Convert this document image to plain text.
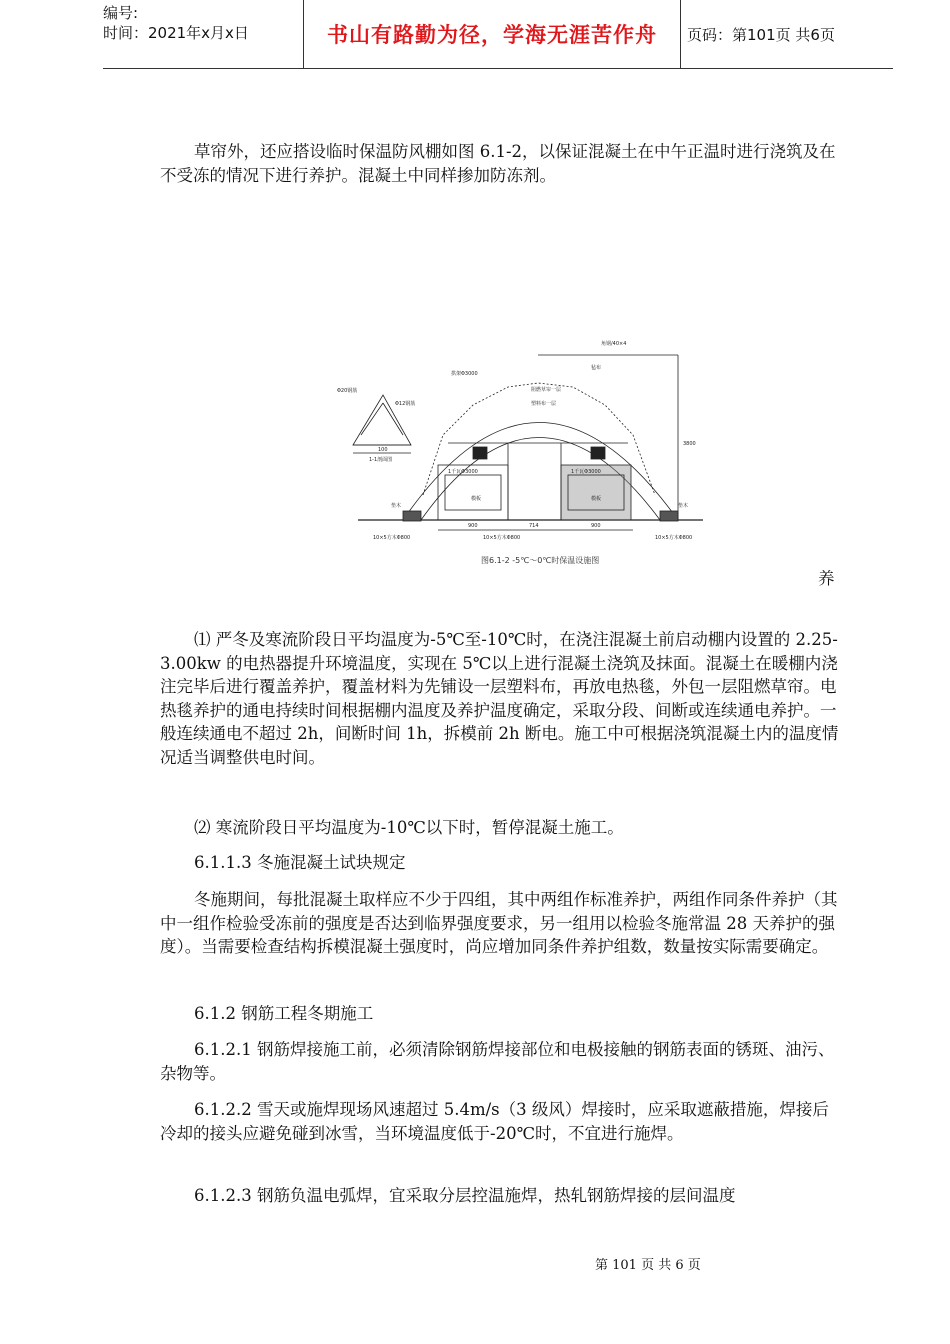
编号:
时间：2021年x月x日	书山有路勤为径，学海无涯苦作舟	页码：第101页 共6页

草帘外，还应搭设临时保温防风棚如图 6.1-2，以保证混凝土在中午正温时进行浇筑及在不受冻的情况下进行养护。混凝土中同样掺加防冻剂。

Φ20钢筋
Φ12钢筋
100
1-1剖面图
拱架Φ3000
角钢/40×4
阻燃草帘一层
塑料布一层
毡布
3800
垫木
10×5方木Φ800	10×5方木Φ800	10×5方木Φ800
1千瓦Φ3000	1千瓦Φ3000
模板	模板
900	714	900
垫木
图6.1-2 -5℃～0℃时保温设施图
养

⑴ 严冬及寒流阶段日平均温度为-5℃至-10℃时，在浇注混凝土前启动棚内设置的 2.25-3.00kw 的电热器提升环境温度，实现在 5℃以上进行混凝土浇筑及抹面。混凝土在暖棚内浇注完毕后进行覆盖养护，覆盖材料为先铺设一层塑料布，再放电热毯，外包一层阻燃草帘。电热毯养护的通电持续时间根据棚内温度及养护温度确定，采取分段、间断或连续通电养护。一般连续通电不超过 2h，间断时间 1h，拆模前 2h 断电。施工中可根据浇筑混凝土内的温度情况适当调整供电时间。

⑵ 寒流阶段日平均温度为-10℃以下时，暂停混凝土施工。

6.1.1.3 冬施混凝土试块规定

冬施期间，每批混凝土取样应不少于四组，其中两组作标准养护，两组作同条件养护（其中一组作检验受冻前的强度是否达到临界强度要求，另一组用以检验冬施常温 28 天养护的强度）。当需要检查结构拆模混凝土强度时，尚应增加同条件养护组数，数量按实际需要确定。

6.1.2 钢筋工程冬期施工

6.1.2.1 钢筋焊接施工前，必须清除钢筋焊接部位和电极接触的钢筋表面的锈斑、油污、杂物等。

6.1.2.2 雪天或施焊现场风速超过 5.4m/s（3 级风）焊接时，应采取遮蔽措施，焊接后冷却的接头应避免碰到冰雪，当环境温度低于-20℃时，不宜进行施焊。

6.1.2.3 钢筋负温电弧焊，宜采取分层控温施焊，热轧钢筋焊接的层间温度

第 101 页 共 6 页
